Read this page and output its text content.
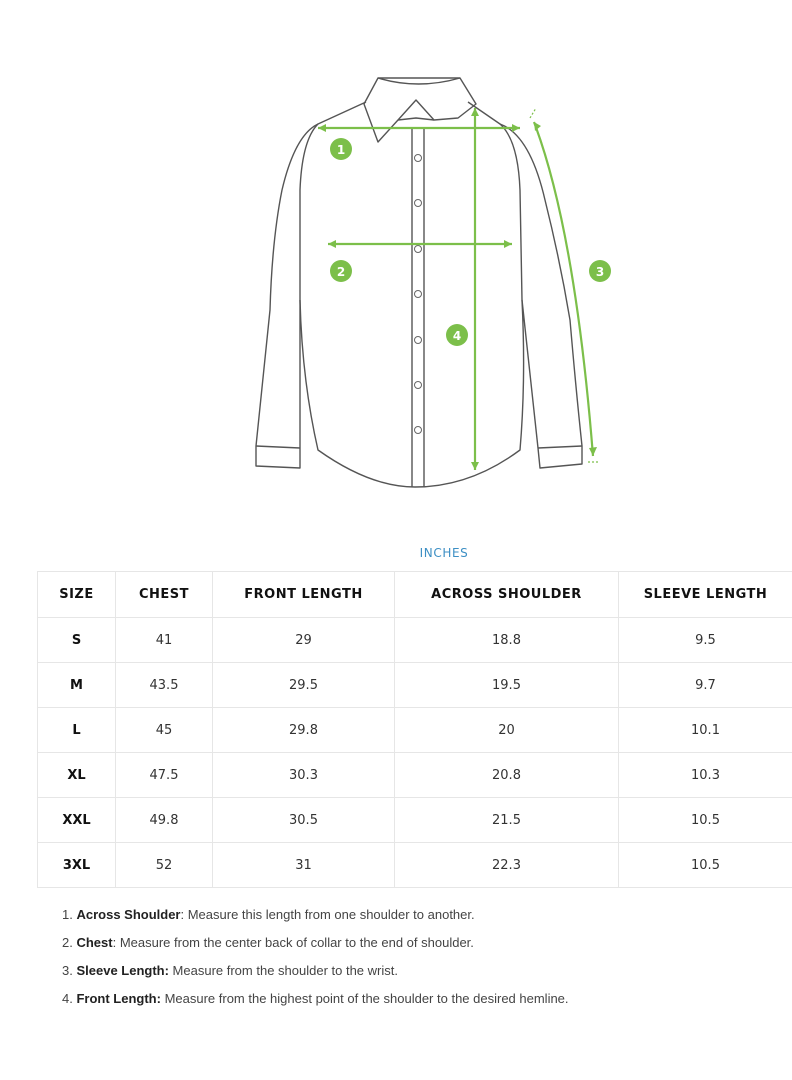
1
2	3
4
INCHES
SIZE	CHEST	FRONT LENGTH	ACROSS SHOULDER	SLEEVE LENGTH
S	41	29	18.8	9.5
M	43.5	29.5	19.5	9.7
L	45	29.8	20	10.1
XL	47.5	30.3	20.8	10.3
XXL	49.8	30.5	21.5	10.5
3XL	52	31	22.3	10.5
1. Across Shoulder: Measure this length from one shoulder to another.
2. Chest: Measure from the center back of collar to the end of shoulder.
3. Sleeve Length: Measure from the shoulder to the wrist.
4. Front Length: Measure from the highest point of the shoulder to the desired hemline.
